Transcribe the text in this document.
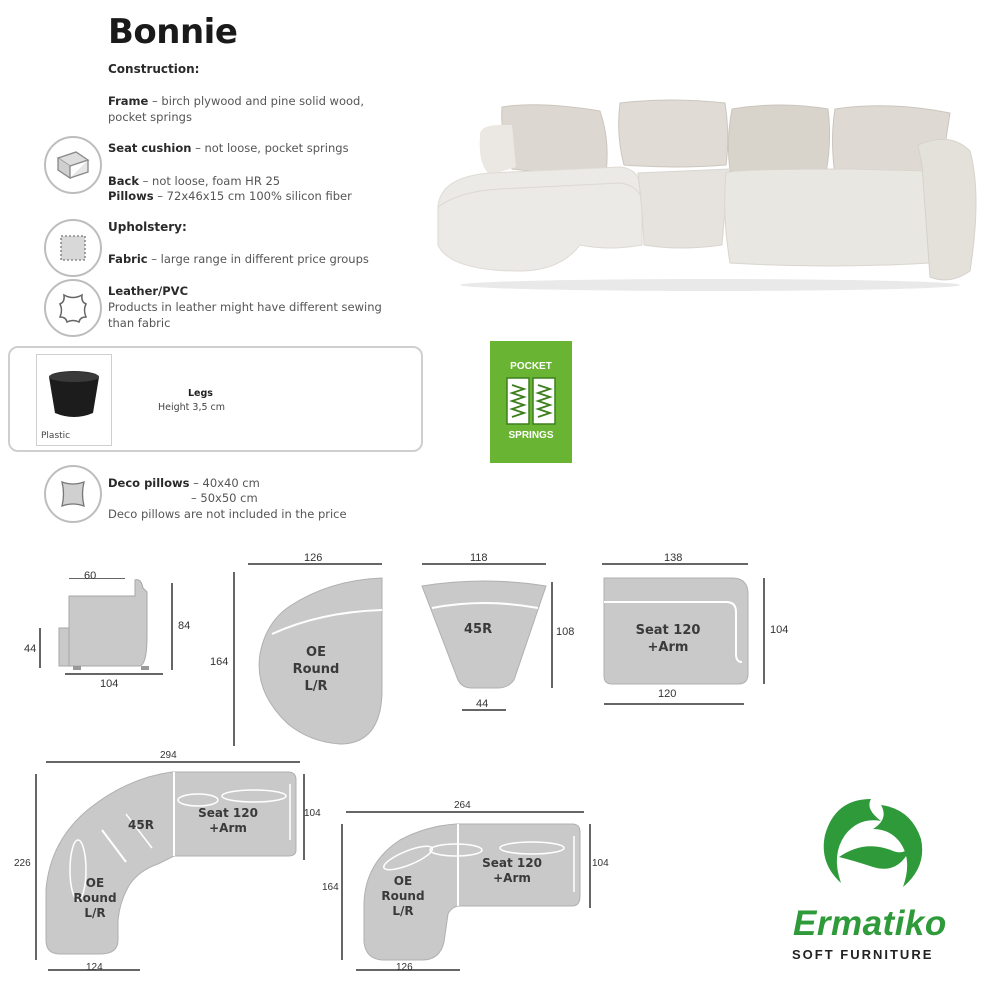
Bonnie
Construction:
Frame – birch plywood and pine solid wood,
pocket springs
Seat cushion – not loose, pocket springs
Back – not loose, foam HR 25
Pillows – 72x46x15 cm 100% silicon fiber
Upholstery:
Fabric – large range in different price groups
Leather/PVC
Products in leather might have different sewing
than fabric
Plastic
Legs
Height 3,5 cm
Deco pillows – 40x40 cm
– 50x50 cm
Deco pillows are not included in the price
POCKET
SPRINGS
60
84
44
104
126
164
OE
Round
L/R
118
108
44
45R
138
104
120
Seat 120
+Arm
294
226
104
124
45R
Seat 120
+Arm
OE
Round
L/R
264
164
104
126
OE
Round
L/R
Seat 120
+Arm
Ermatiko
SOFT FURNITURE
